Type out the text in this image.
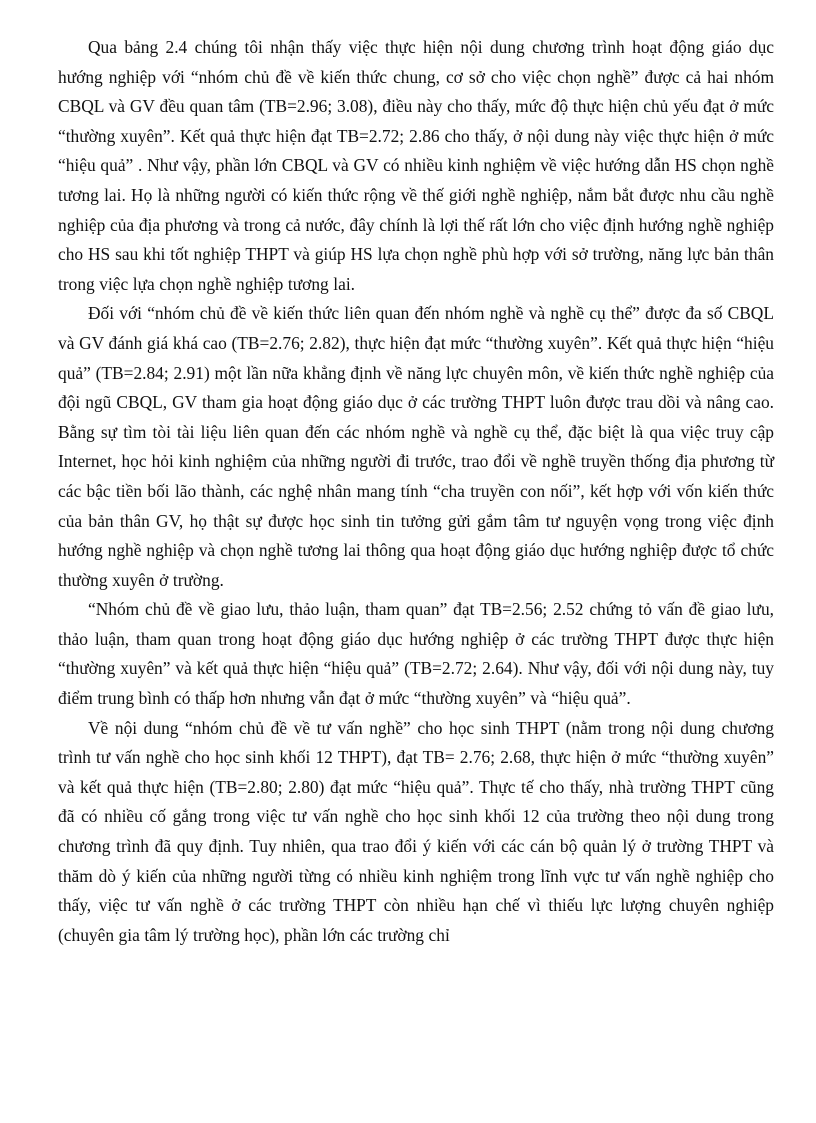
Qua bảng 2.4 chúng tôi nhận thấy việc thực hiện nội dung chương trình hoạt động giáo dục hướng nghiệp với “nhóm chủ đề về kiến thức chung, cơ sở cho việc chọn nghề” được cả hai nhóm CBQL và GV đều quan tâm (TB=2.96; 3.08), điều này cho thấy, mức độ thực hiện chủ yếu đạt ở mức “thường xuyên”. Kết quả thực hiện đạt TB=2.72; 2.86 cho thấy, ở nội dung này việc thực hiện ở mức “hiệu quả” . Như vậy, phần lớn CBQL và GV có nhiều kinh nghiệm về việc hướng dẫn HS chọn nghề tương lai. Họ là những người có kiến thức rộng về thế giới nghề nghiệp, nắm bắt được nhu cầu nghề nghiệp của địa phương và trong cả nước, đây chính là lợi thế rất lớn cho việc định hướng nghề nghiệp cho HS sau khi tốt nghiệp THPT và giúp HS lựa chọn nghề phù hợp với sở trường, năng lực bản thân trong việc lựa chọn nghề nghiệp tương lai.

Đối với “nhóm chủ đề về kiến thức liên quan đến nhóm nghề và nghề cụ thể” được đa số CBQL và GV đánh giá khá cao (TB=2.76; 2.82), thực hiện đạt mức “thường xuyên”. Kết quả thực hiện “hiệu quả” (TB=2.84; 2.91) một lần nữa khẳng định về năng lực chuyên môn, về kiến thức nghề nghiệp của đội ngũ CBQL, GV tham gia hoạt động giáo dục ở các trường THPT luôn được trau dồi và nâng cao. Bằng sự tìm tòi tài liệu liên quan đến các nhóm nghề và nghề cụ thể, đặc biệt là qua việc truy cập Internet, học hỏi kinh nghiệm của những người đi trước, trao đổi về nghề truyền thống địa phương từ các bậc tiền bối lão thành, các nghệ nhân mang tính “cha truyền con nối”, kết hợp với vốn kiến thức của bản thân GV, họ thật sự được học sinh tin tưởng gửi gắm tâm tư nguyện vọng trong việc định hướng nghề nghiệp và chọn nghề tương lai thông qua hoạt động giáo dục hướng nghiệp được tổ chức thường xuyên ở trường.

“Nhóm chủ đề về giao lưu, thảo luận, tham quan” đạt TB=2.56; 2.52 chứng tỏ vấn đề giao lưu, thảo luận, tham quan trong hoạt động giáo dục hướng nghiệp ở các trường THPT được thực hiện “thường xuyên” và kết quả thực hiện “hiệu quả” (TB=2.72; 2.64). Như vậy, đối với nội dung này, tuy điểm trung bình có thấp hơn nhưng vẫn đạt ở mức “thường xuyên” và “hiệu quả”.

Về nội dung “nhóm chủ đề về tư vấn nghề” cho học sinh THPT (nằm trong nội dung chương trình tư vấn nghề cho học sinh khối 12 THPT), đạt TB= 2.76; 2.68, thực hiện ở mức “thường xuyên” và kết quả thực hiện (TB=2.80; 2.80) đạt mức “hiệu quả”. Thực tế cho thấy, nhà trường THPT cũng đã có nhiều cố gắng trong việc tư vấn nghề cho học sinh khối 12 của trường theo nội dung trong chương trình đã quy định. Tuy nhiên, qua trao đổi ý kiến với các cán bộ quản lý ở trường THPT và thăm dò ý kiến của những người từng có nhiều kinh nghiệm trong lĩnh vực tư vấn nghề nghiệp cho thấy, việc tư vấn nghề ở các trường THPT còn nhiều hạn chế vì thiếu lực lượng chuyên nghiệp (chuyên gia tâm lý trường học), phần lớn các trường chỉ
